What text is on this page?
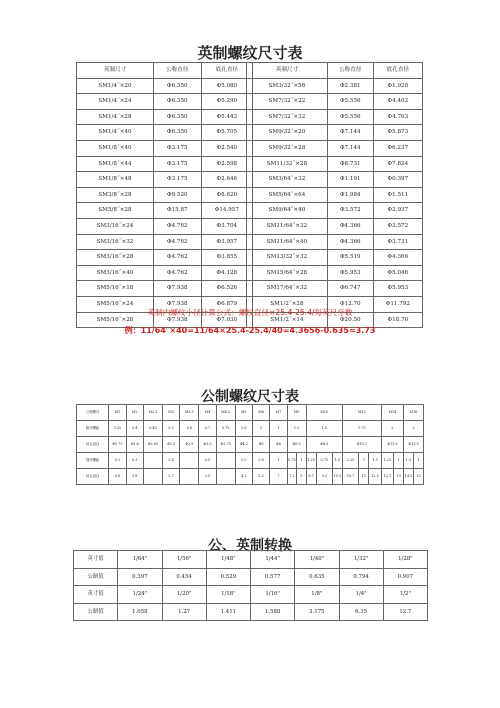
英制螺纹尺寸表
英制尺寸	公称直径	底孔直径
SM1/4˝×20	Φ6.350	Φ5.080
SM1/4˝×24	Φ6.350	Φ5.290
SM1/4˝×28	Φ6.350	Φ5.443
SM1/4˝×40	Φ6.350	Φ5.705
SM1/8˝×40	Φ3.175	Φ2.540
SM1/8˝×44	Φ3.175	Φ2.598
SM1/8˝×48	Φ3.175	Φ2.646
SM3/8˝×28	Φ9.520	Φ8.620
SM5/8˝×28	Φ15.87	Φ14.957
SM3/16˝×24	Φ4.762	Φ3.704
SM3/16˝×32	Φ4.762	Φ3.957
SM3/16˝×28	Φ4.762	Φ3.855
SM3/16˝×40	Φ4.762	Φ4.128
SM5/16˝×18	Φ7.938	Φ6.526
SM5/16˝×24	Φ7.938	Φ6.879
SM5/16˝×28	Φ7.938	Φ7.030
英制尺寸	公称直径	底孔直径
SM3/32˝×56	Φ2.381	Φ1.928
SM7/32˝×22	Φ5.556	Φ4.402
SM7/32˝×32	Φ5.556	Φ4.763
SM9/32˝×20	Φ7.144	Φ5.873
SM9/32˝×28	Φ7.144	Φ6.237
SM11/32˝×28	Φ8.731	Φ7.824
SM3/64˝×32	Φ1.191	Φ0.397
SM5/64˝×64	Φ1.984	Φ1.511
SM9/64˝×40	Φ3.572	Φ2.937
SM11/64˝×32	Φ4.366	Φ3.572
SM11/64˝×40	Φ4.366	Φ3.731
SM13/32˝×32	Φ5.519	Φ4.366
SM15/64˝×28	Φ5.953	Φ5.046
SM17/64˝×32	Φ6.747	Φ5.953
SM1/2˝×28	Φ12.70	Φ11.792
SM1/2˝×14	Φ20.50	Φ18.70
英制内螺纹小径计算公式：螺纹直径×25.4-25.4/每英尺牙数
例：11/64″×40=11/64×25.4-25.4/40=4.3656-0.635≈3.73
公制螺纹尺寸表
公制螺纹	M1	M2	M2.5	M3	M3.5	M4	M4.5	M5	M6	M7	M8		M10			M12			M14		M16	
粗牙螺距	0.25	0.4	0.45	0.5	0.6	0.7	0.75	0.8	1	1	1.5		1.5			1.75			2		2	
钻头直径	Φ0.75	Φ1.6	Φ2.05	Φ2.5	Φ2.9	Φ3.3	Φ3.75	Φ4.2	Φ5	Φ6	Φ6.5		Φ8.5			Φ10.2			Φ11.9		Φ13.9	
细牙螺距	0.2	0.3		0.4		0.5		0.5	0.8	1	0.75	1	1.25	0.75	1.5	1.25	1	1.5	1.25	1	1.5	1
钻头直径	0.8	1.8		2.7		3.5		4.5	5.2	7	7.2	9	8.7	9.2	10.5	10.7	11	12.5	12.7	13	14.5	15
公、英制转换
英寸值	1/64"	1/56"	1/48"	1/44"	1/40"	1/32"	1/28"
公制值	0.397	0.454	0.529	0.577	0.635	0.794	0.907
英寸值	1/24"	1/20"	1/18"	1/16"	1/8"	1/4"	1/2"
公制值	1.058	1.27	1.411	1.588	3.175	6.35	12.7
